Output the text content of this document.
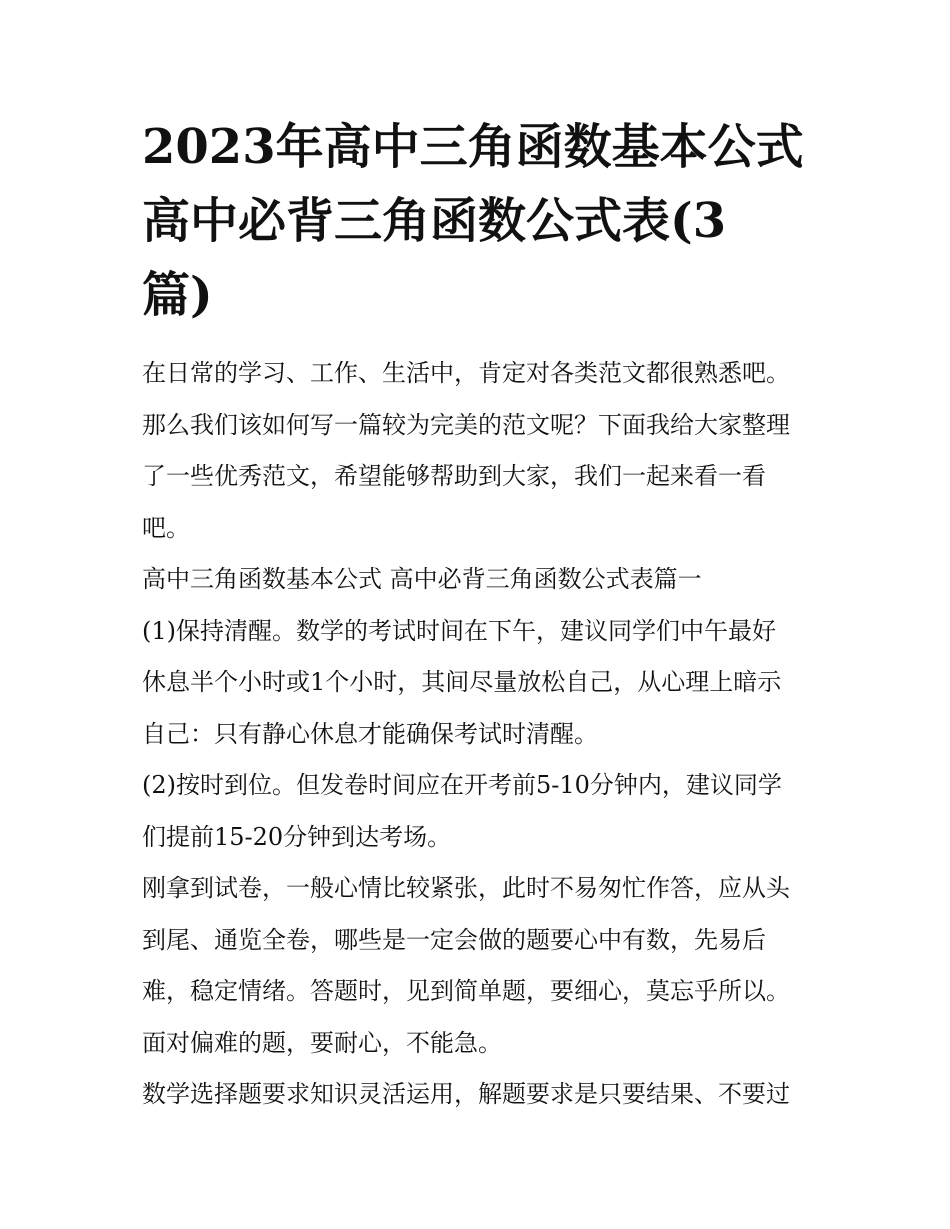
2023年高中三角函数基本公式
高中必背三角函数公式表(3
篇)
在日常的学习、工作、生活中，肯定对各类范文都很熟悉吧。
那么我们该如何写一篇较为完美的范文呢？下面我给大家整理
了一些优秀范文，希望能够帮助到大家，我们一起来看一看
吧。
高中三角函数基本公式 高中必背三角函数公式表篇一
(1)保持清醒。数学的考试时间在下午，建议同学们中午最好
休息半个小时或1个小时，其间尽量放松自己，从心理上暗示
自己：只有静心休息才能确保考试时清醒。
(2)按时到位。但发卷时间应在开考前5-10分钟内，建议同学
们提前15-20分钟到达考场。
刚拿到试卷，一般心情比较紧张，此时不易匆忙作答，应从头
到尾、通览全卷，哪些是一定会做的题要心中有数，先易后
难，稳定情绪。答题时，见到简单题，要细心，莫忘乎所以。
面对偏难的题，要耐心，不能急。
数学选择题要求知识灵活运用，解题要求是只要结果、不要过
